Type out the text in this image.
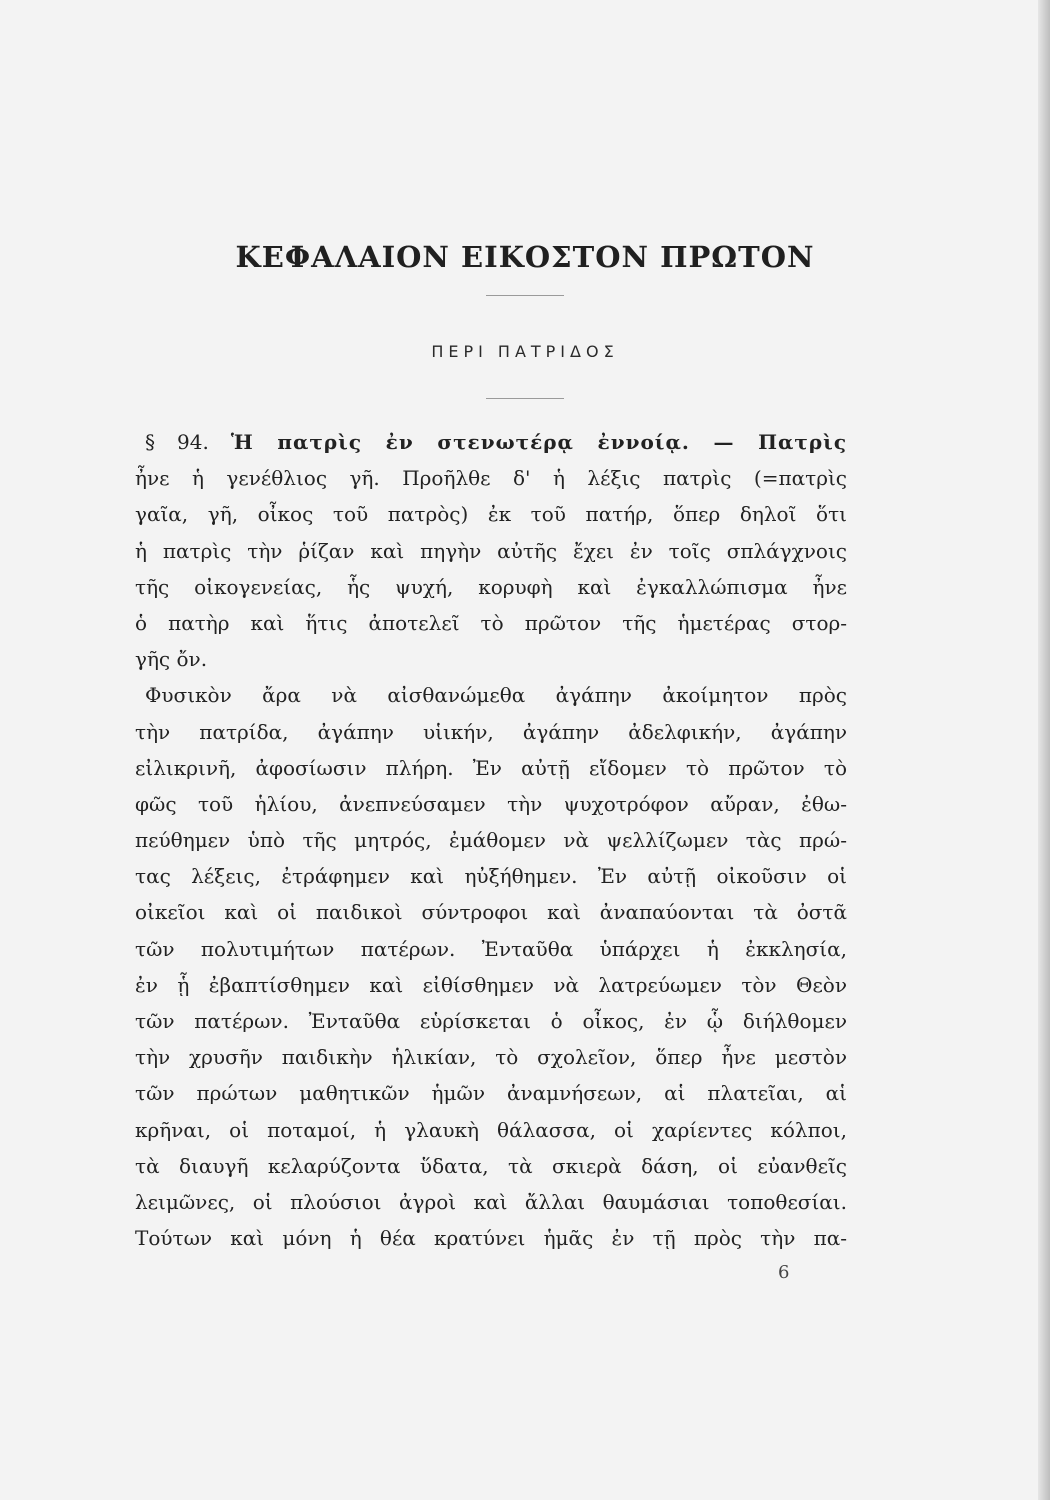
ΚΕΦΑΛΑΙΟΝ ΕΙΚΟΣΤΟΝ ΠΡΩΤΟΝ
ΠΕΡΙ ΠΑΤΡΙΔΟΣ
§ 94. Ἡ πατρὶς ἐν στενωτέρᾳ ἐννοίᾳ. — Πατρὶς
ἦνε ἡ γενέθλιος γῆ. Προῆλθε δ' ἡ λέξις πατρὶς (=πατρὶς
γαῖα, γῆ, οἶκος τοῦ πατρὸς) ἐκ τοῦ πατήρ, ὅπερ δηλοῖ ὅτι
ἡ πατρὶς τὴν ῥίζαν καὶ πηγὴν αὐτῆς ἔχει ἐν τοῖς σπλάγχνοις
τῆς οἰκογενείας, ἧς ψυχή, κορυφὴ καὶ ἐγκαλλώπισμα ἦνε
ὁ πατὴρ καὶ ἥτις ἀποτελεῖ τὸ πρῶτον τῆς ἡμετέρας στορ-
γῆς ὄν.
Φυσικὸν ἄρα νὰ αἰσθανώμεθα ἀγάπην ἀκοίμητον πρὸς
τὴν πατρίδα, ἀγάπην υἱικήν, ἀγάπην ἀδελφικήν, ἀγάπην
εἰλικρινῆ, ἀφοσίωσιν πλήρη. Ἐν αὐτῇ εἴδομεν τὸ πρῶτον τὸ
φῶς τοῦ ἡλίου, ἀνεπνεύσαμεν τὴν ψυχοτρόφον αὔραν, ἐθω-
πεύθημεν ὑπὸ τῆς μητρός, ἐμάθομεν νὰ ψελλίζωμεν τὰς πρώ-
τας λέξεις, ἐτράφημεν καὶ ηὐξήθημεν. Ἐν αὐτῇ οἰκοῦσιν οἱ
οἰκεῖοι καὶ οἱ παιδικοὶ σύντροφοι καὶ ἀναπαύονται τὰ ὀστᾶ
τῶν πολυτιμήτων πατέρων. Ἐνταῦθα ὑπάρχει ἡ ἐκκλησία,
ἐν ᾗ ἐβαπτίσθημεν καὶ εἰθίσθημεν νὰ λατρεύωμεν τὸν Θεὸν
τῶν πατέρων. Ἐνταῦθα εὑρίσκεται ὁ οἶκος, ἐν ᾧ διήλθομεν
τὴν χρυσῆν παιδικὴν ἡλικίαν, τὸ σχολεῖον, ὅπερ ἦνε μεστὸν
τῶν πρώτων μαθητικῶν ἡμῶν ἀναμνήσεων, αἱ πλατεῖαι, αἱ
κρῆναι, οἱ ποταμοί, ἡ γλαυκὴ θάλασσα, οἱ χαρίεντες κόλποι,
τὰ διαυγῆ κελαρύζοντα ὕδατα, τὰ σκιερὰ δάση, οἱ εὐανθεῖς
λειμῶνες, οἱ πλούσιοι ἀγροὶ καὶ ἄλλαι θαυμάσιαι τοποθεσίαι.
Τούτων καὶ μόνη ἡ θέα κρατύνει ἡμᾶς ἐν τῇ πρὸς τὴν πα-
6
